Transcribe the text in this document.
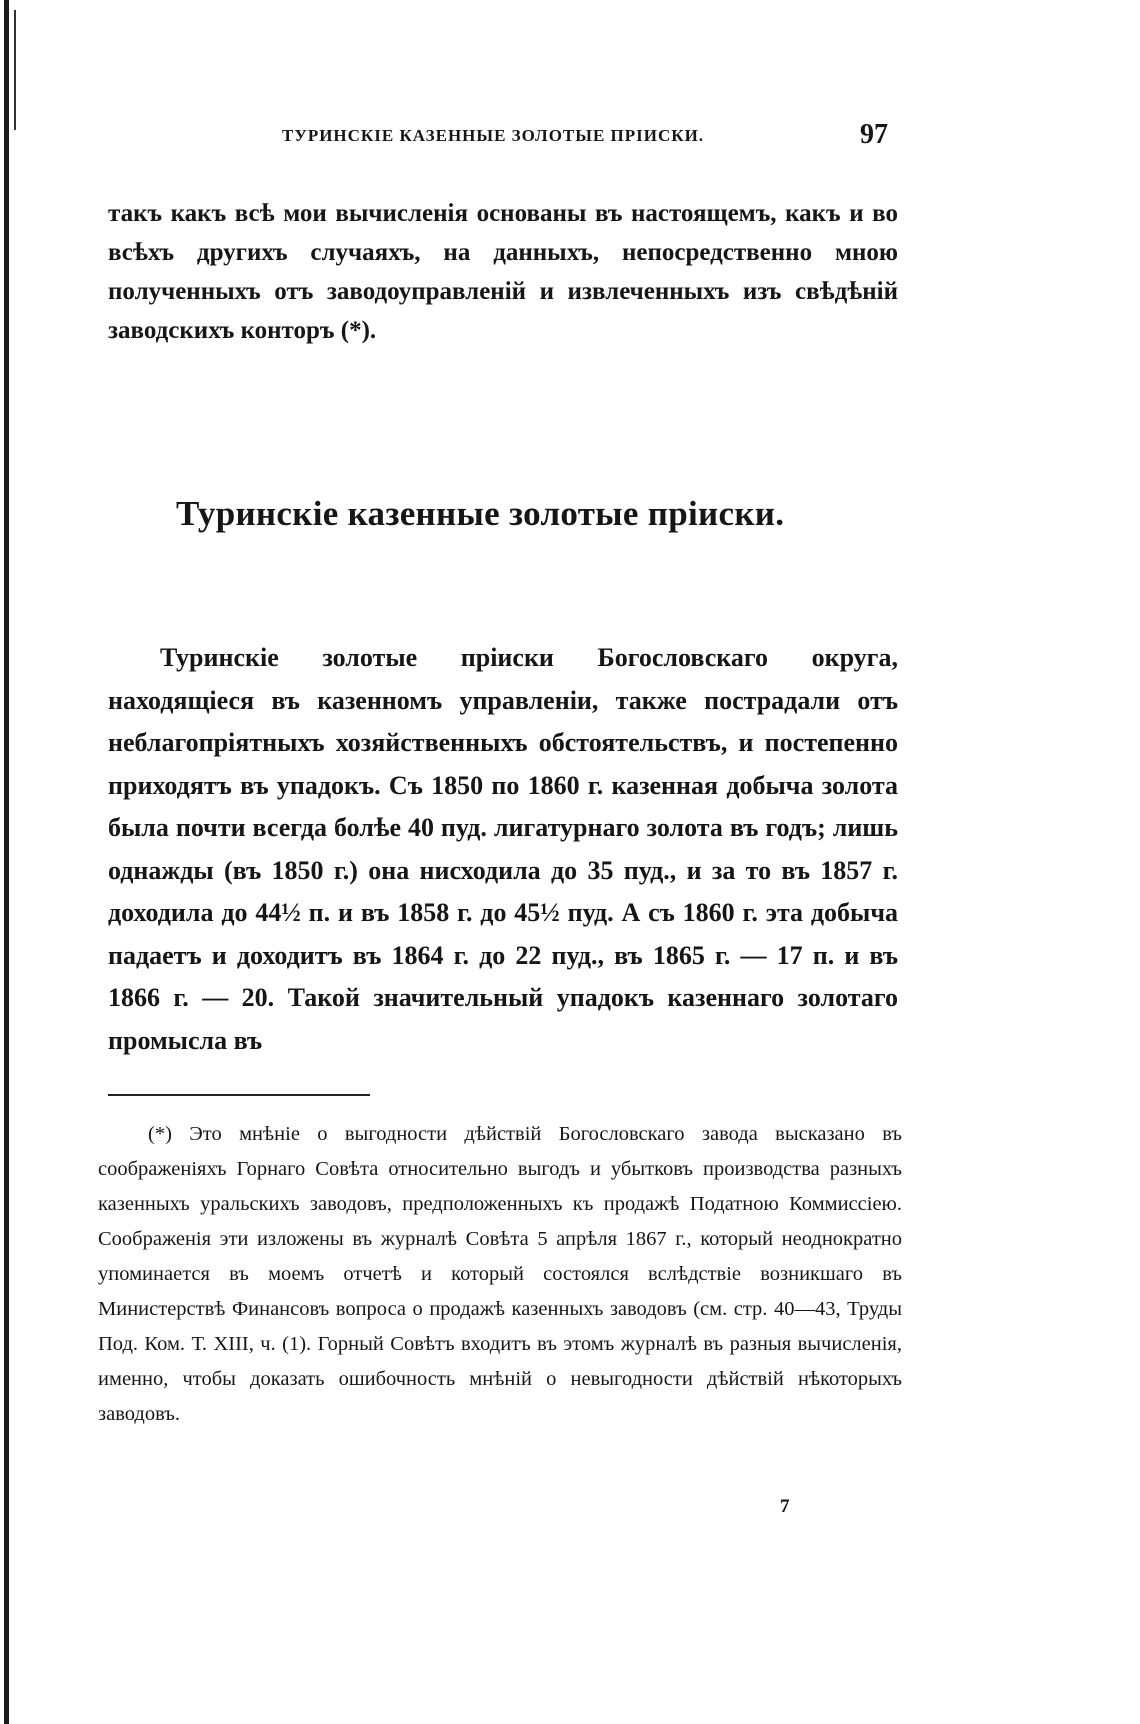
ТУРИНСКІЕ КАЗЕННЫЕ ЗОЛОТЫЕ ПРІИСКИ.	97

такъ какъ всѣ мои вычисленія основаны въ настоящемъ, какъ и во всѣхъ другихъ случаяхъ, на данныхъ, непосредственно мною полученныхъ отъ заводоуправленій и извлеченныхъ изъ свѣдѣній заводскихъ конторъ (*).

Туринскіе казенные золотые пріиски.

Туринскіе золотые пріиски Богословскаго округа, находящіеся въ казенномъ управленіи, также пострадали отъ неблагопріятныхъ хозяйственныхъ обстоятельствъ, и постепенно приходятъ въ упадокъ. Съ 1850 по 1860 г. казенная добыча золота была почти всегда болѣе 40 пуд. лигатурнаго золота въ годъ; лишь однажды (въ 1850 г.) она нисходила до 35 пуд., и за то въ 1857 г. доходила до 44½ п. и въ 1858 г. до 45½ пуд. А съ 1860 г. эта добыча падаетъ и доходитъ въ 1864 г. до 22 пуд., въ 1865 г. — 17 п. и въ 1866 г. — 20. Такой значительный упадокъ казеннаго золотаго промысла въ

(*) Это мнѣніе о выгодности дѣйствій Богословскаго завода высказано въ соображеніяхъ Горнаго Совѣта относительно выгодъ и убытковъ производства разныхъ казенныхъ уральскихъ заводовъ, предположенныхъ къ продажѣ Податною Коммиссіею. Соображенія эти изложены въ журналѣ Совѣта 5 апрѣля 1867 г., который неоднократно упоминается въ моемъ отчетѣ и который состоялся вслѣдствіе возникшаго въ Министерствѣ Финансовъ вопроса о продажѣ казенныхъ заводовъ (см. стр. 40—43, Труды Под. Ком. Т. XIII, ч. (1). Горный Совѣтъ входитъ въ этомъ журналѣ въ разныя вычисленія, именно, чтобы доказать ошибочность мнѣній о невыгодности дѣйствій нѣкоторыхъ заводовъ.

7
